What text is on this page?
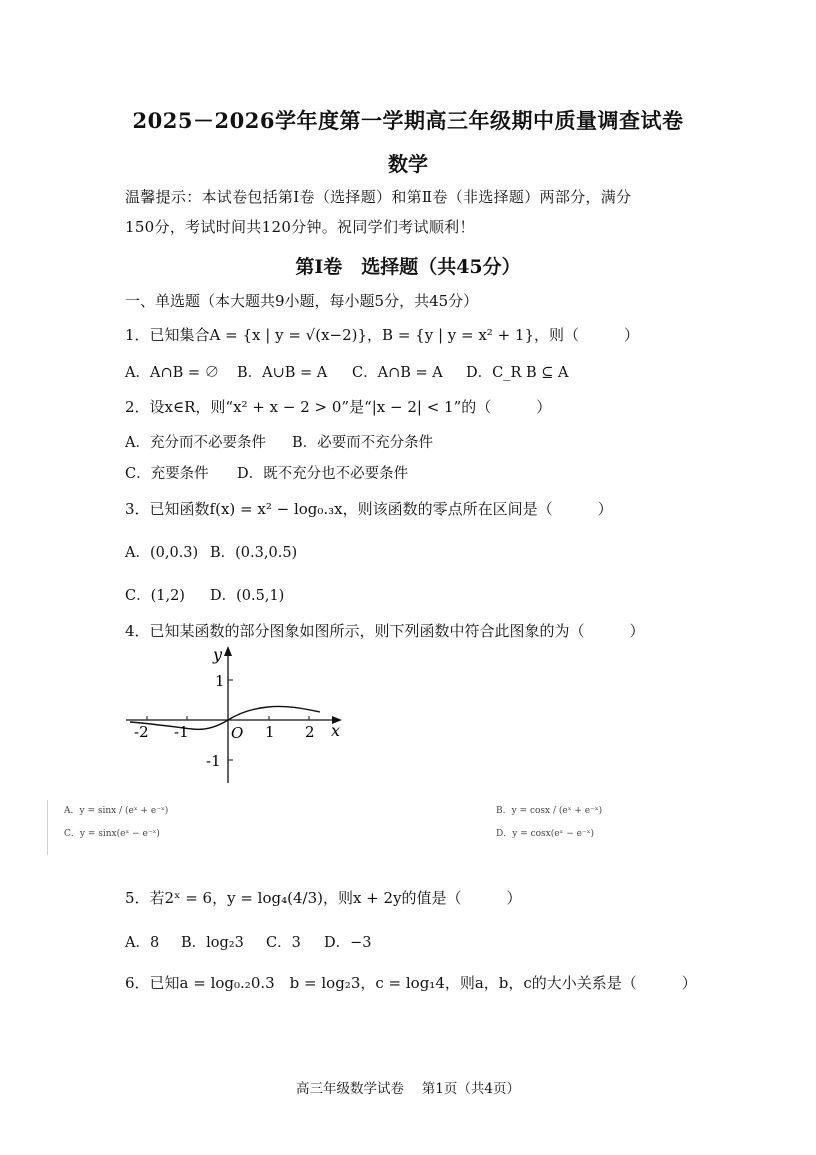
2025－2026学年度第一学期高三年级期中质量调查试卷
数学
温馨提示：本试卷包括第Ⅰ卷（选择题）和第Ⅱ卷（非选择题）两部分，满分
150分，考试时间共120分钟。祝同学们考试顺利！
第Ⅰ卷　选择题（共45分）
一、单选题（本大题共9小题，每小题5分，共45分）
1．已知集合A = {x | y = √(x−2)}，B = {y | y = x² + 1}，则（　　　）
A．A∩B = ∅ B．A∪B = A C．A∩B = A D．C_R B ⊆ A
2．设x∈R，则“x² + x − 2 > 0”是“|x − 2| < 1”的（　　　）
A．充分而不必要条件 B．必要而不充分条件
C．充要条件 D．既不充分也不必要条件
3．已知函数f(x) = x² − log₀.₃x，则该函数的零点所在区间是（　　　）
A．(0,0.3) B．(0.3,0.5)
C．(1,2) D．(0.5,1)
4．已知某函数的部分图象如图所示，则下列函数中符合此图象的为（　　　）
y
x
O
1
-1
-2 -1	1 2
A．y = sinx / (eˣ + e⁻ˣ)	B．y = cosx / (eˣ + e⁻ˣ)
C．y = sinx(eˣ − e⁻ˣ)	D．y = cosx(eˣ − e⁻ˣ)
5．若2ˣ = 6，y = log₄(4/3)，则x + 2y的值是（　　　）
A．8 B．log₂3 C．3 D．−3
6．已知a = log₀.₂0.3　b = log₂3，c = log₁4，则a，b，c的大小关系是（　　　）
高三年级数学试卷　 第1页（共4页）
